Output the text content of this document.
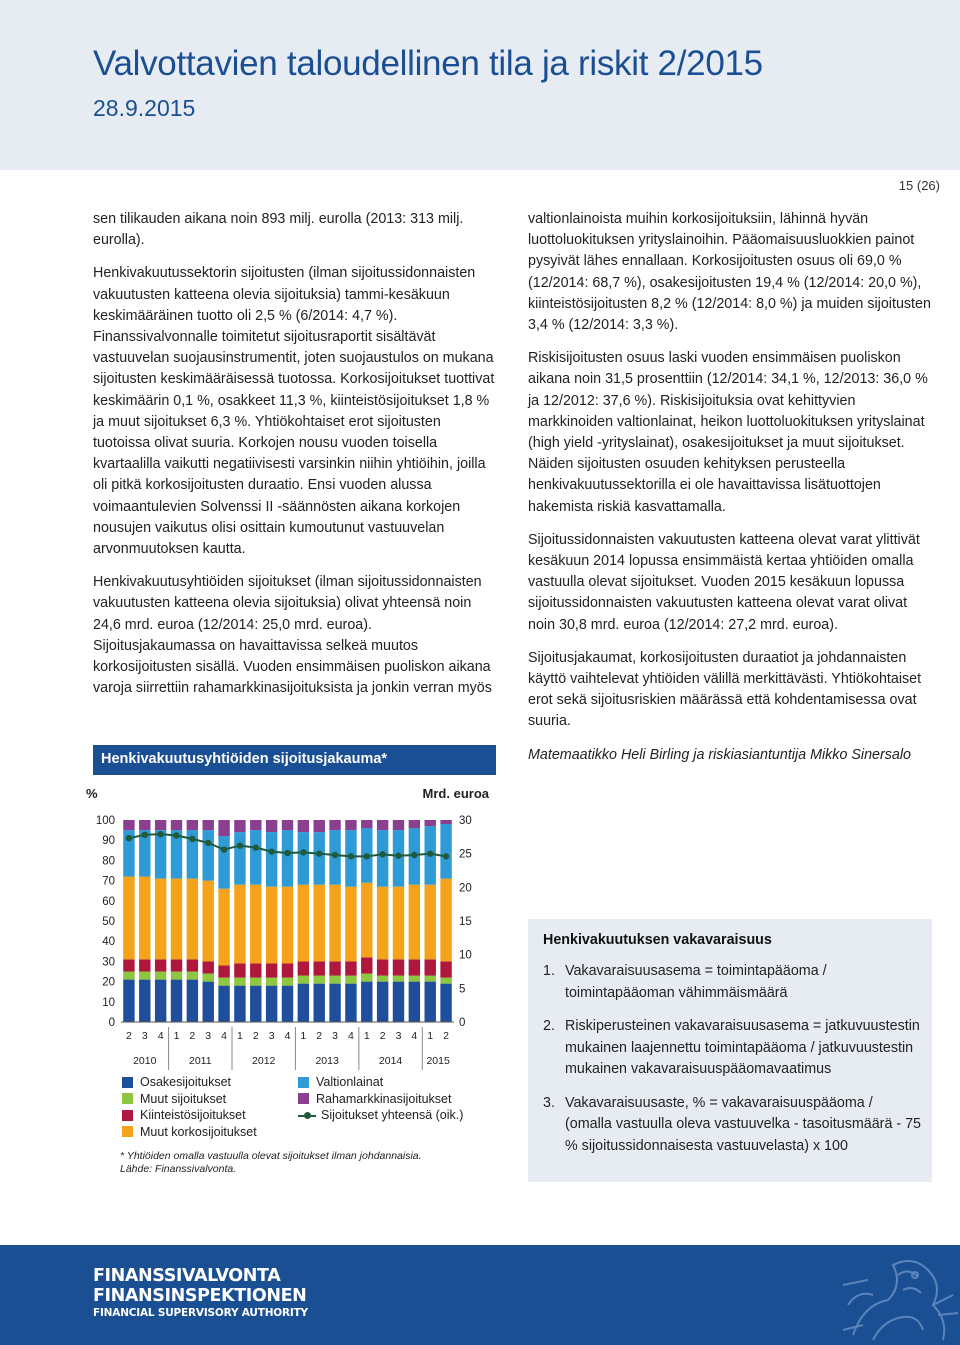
Valvottavien taloudellinen tila ja riskit 2/2015
28.9.2015
15 (26)

sen tilikauden aikana noin 893 milj. eurolla (2013: 313 milj. eurolla).

Henkivakuutussektorin sijoitusten (ilman sijoitussidonnaisten vakuutusten katteena olevia sijoituksia) tammi-kesäkuun keskimääräinen tuotto oli 2,5 % (6/2014: 4,7 %). Finanssivalvonnalle toimitetut sijoitusraportit sisältävät vastuuvelan suojausinstrumentit, joten suojaustulos on mukana sijoitusten keskimääräisessä tuotossa. Korkosijoitukset tuottivat keskimäärin 0,1 %, osakkeet 11,3 %, kiinteistösijoitukset 1,8 % ja muut sijoitukset 6,3 %. Yhtiökohtaiset erot sijoitusten tuotoissa olivat suuria. Korkojen nousu vuoden toisella kvartaalilla vaikutti negatiivisesti varsinkin niihin yhtiöihin, joilla oli pitkä korkosijoitusten duraatio. Ensi vuoden alussa voimaantulevien Solvenssi II -säännösten aikana korkojen nousujen vaikutus olisi osittain kumoutunut vastuuvelan arvonmuutoksen kautta.

Henkivakuutusyhtiöiden sijoitukset (ilman sijoitussidonnaisten vakuutusten katteena olevia sijoituksia) olivat yhteensä noin 24,6 mrd. euroa (12/2014: 25,0 mrd. euroa). Sijoitusjakaumassa on havaittavissa selkeä muutos korkosijoitusten sisällä. Vuoden ensimmäisen puoliskon aikana varoja siirrettiin rahamarkkinasijoituksista ja jonkin verran myös

valtionlainoista muihin korkosijoituksiin, lähinnä hyvän luottoluokituksen yrityslainoihin. Pääomaisuusluokkien painot pysyivät lähes ennallaan. Korkosijoitusten osuus oli 69,0 % (12/2014: 68,7 %), osakesijoitusten 19,4 % (12/2014: 20,0 %), kiinteistösijoitusten 8,2 % (12/2014: 8,0 %) ja muiden sijoitusten 3,4 % (12/2014: 3,3 %).

Riskisijoitusten osuus laski vuoden ensimmäisen puoliskon aikana noin 31,5 prosenttiin (12/2014: 34,1 %, 12/2013: 36,0 % ja 12/2012: 37,6 %). Riskisijoituksia ovat kehittyvien markkinoiden valtionlainat, heikon luottoluokituksen yrityslainat (high yield -yrityslainat), osakesijoitukset ja muut sijoitukset. Näiden sijoitusten osuuden kehityksen perusteella henkivakuutussektorilla ei ole havaittavissa lisätuottojen hakemista riskiä kasvattamalla.

Sijoitussidonnaisten vakuutusten katteena olevat varat ylittivät kesäkuun 2014 lopussa ensimmäistä kertaa yhtiöiden omalla vastuulla olevat sijoitukset. Vuoden 2015 kesäkuun lopussa sijoitussidonnaisten vakuutusten katteena olevat varat olivat noin 30,8 mrd. euroa (12/2014: 27,2 mrd. euroa).

Sijoitusjakaumat, korkosijoitusten duraatiot ja johdannaisten käyttö vaihtelevat yhtiöiden välillä merkittävästi. Yhtiökohtaiset erot sekä sijoitusriskien määrässä että kohdentamisessa ovat suuria.

Matemaatikko Heli Birling ja riskiasiantuntija Mikko Sinersalo

Henkivakuutusyhtiöiden sijoitusjakauma*
%	Mrd. euroa
100
90
80
70
60
50
40
30
20
10
0
30
25
20
15
10
5
0
2 3 4 1 2 3 4 1 2 3 4 1 2 3 4 1 2 3 4 1 2
2010	2011	2012	2013	2014 2015
Osakesijoitukset
Muut sijoitukset
Kiinteistösijoitukset
Muut korkosijoitukset
Valtionlainat
Rahamarkkinasijoitukset
Sijoitukset yhteensä (oik.)
* Yhtiöiden omalla vastuulla olevat sijoitukset ilman johdannaisia.
Lähde: Finanssivalvonta.
Henkivakuutuksen vakavaraisuus
1. Vakavaraisuusasema = toimintapääoma / toimintapääoman vähimmäismäärä
2. Riskiperusteinen vakavaraisuusasema = jatkuvuustestin mukainen laajennettu toimintapääoma / jatkuvuustestin mukainen vakavaraisuuspääomavaatimus
3. Vakavaraisuusaste, % = vakavaraisuuspääoma / (omalla vastuulla oleva vastuuvelka - tasoitusmäärä - 75 % sijoitussidonnaisesta vastuuvelasta) x 100
FINANSSIVALVONTA
FINANSINSPEKTIONEN
FINANCIAL SUPERVISORY AUTHORITY
